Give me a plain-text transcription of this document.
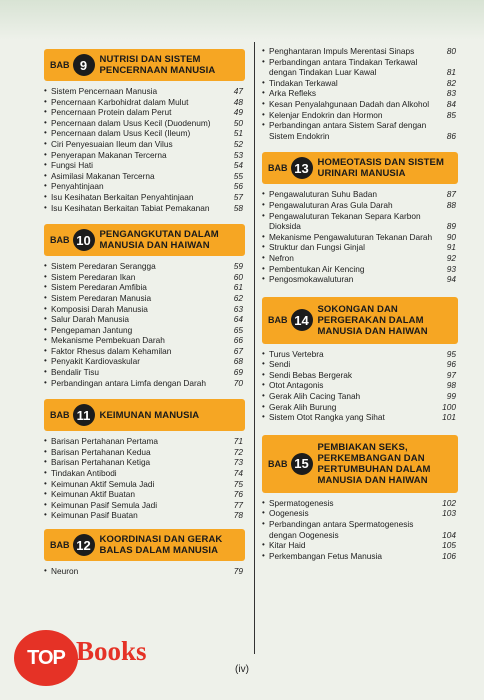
BAB 9	NUTRISI DAN SISTEM
PENCERNAAN MANUSIA
• Sistem Pencernaan Manusia	47
• Pencernaan Karbohidrat dalam Mulut	48
• Pencernaan Protein dalam Perut	49
• Pencernaan dalam Usus Kecil (Duodenum)	50
• Pencernaan dalam Usus Kecil (Ileum)	51
• Ciri Penyesuaian Ileum dan Vilus	52
• Penyerapan Makanan Tercerna	53
• Fungsi Hati	54
• Asimilasi Makanan Tercerna	55
• Penyahtinjaan	56
• Isu Kesihatan Berkaitan Penyahtinjaan	57
• Isu Kesihatan Berkaitan Tabiat Pemakanan	58
BAB 10 PENGANGKUTAN DALAM
MANUSIA DAN HAIWAN
• Sistem Peredaran Serangga	59
• Sistem Peredaran Ikan	60
• Sistem Peredaran Amfibia	61
• Sistem Peredaran Manusia	62
• Komposisi Darah Manusia	63
• Salur Darah Manusia	64
• Pengepaman Jantung	65
• Mekanisme Pembekuan Darah	66
• Faktor Rhesus dalam Kehamilan	67
• Penyakit Kardiovaskular	68
• Bendalir Tisu	69
• Perbandingan antara Limfa dengan Darah	70
BAB 11 KEIMUNAN MANUSIA
• Barisan Pertahanan Pertama	71
• Barisan Pertahanan Kedua	72
• Barisan Pertahanan Ketiga	73
• Tindakan Antibodi	74
• Keimunan Aktif Semula Jadi	75
• Keimunan Aktif Buatan	76
• Keimunan Pasif Semula Jadi	77
• Keimunan Pasif Buatan	78
BAB 12 KOORDINASI DAN GERAK
BALAS DALAM MANUSIA
• Neuron	79
• Penghantaran Impuls Merentasi Sinaps	80
• Perbandingan antara Tindakan Terkawal dengan Tindakan Luar Kawal	81
• Tindakan Terkawal	82
• Arka Refleks	83
• Kesan Penyalahgunaan Dadah dan Alkohol 84
• Kelenjar Endokrin dan Hormon	85
• Perbandingan antara Sistem Saraf dengan Sistem Endokrin	86
BAB 13 HOMEOTASIS DAN SISTEM
URINARI MANUSIA
• Pengawaluturan Suhu Badan	87
• Pengawaluturan Aras Gula Darah	88
• Pengawaluturan Tekanan Separa Karbon Dioksida	89
• Mekanisme Pengawaluturan Tekanan Darah 90
• Struktur dan Fungsi Ginjal	91
• Nefron	92
• Pembentukan Air Kencing	93
• Pengosmokawaluturan	94
BAB 14
SOKONGAN DAN
PERGERAKAN DALAM
MANUSIA DAN HAIWAN
• Turus Vertebra	95
• Sendi	96
• Sendi Bebas Bergerak	97
• Otot Antagonis	98
• Gerak Alih Cacing Tanah	99
• Gerak Alih Burung	100
• Sistem Otot Rangka yang Sihat	101
BAB 15
PEMBIAKAN SEKS,
PERKEMBANGAN DAN
PERTUMBUHAN DALAM
MANUSIA DAN HAIWAN
• Spermatogenesis	102
• Oogenesis	103
• Perbandingan antara Spermatogenesis dengan Oogenesis	104
• Kitar Haid	105
• Perkembangan Fetus Manusia	106
(iv)
TOP Books
